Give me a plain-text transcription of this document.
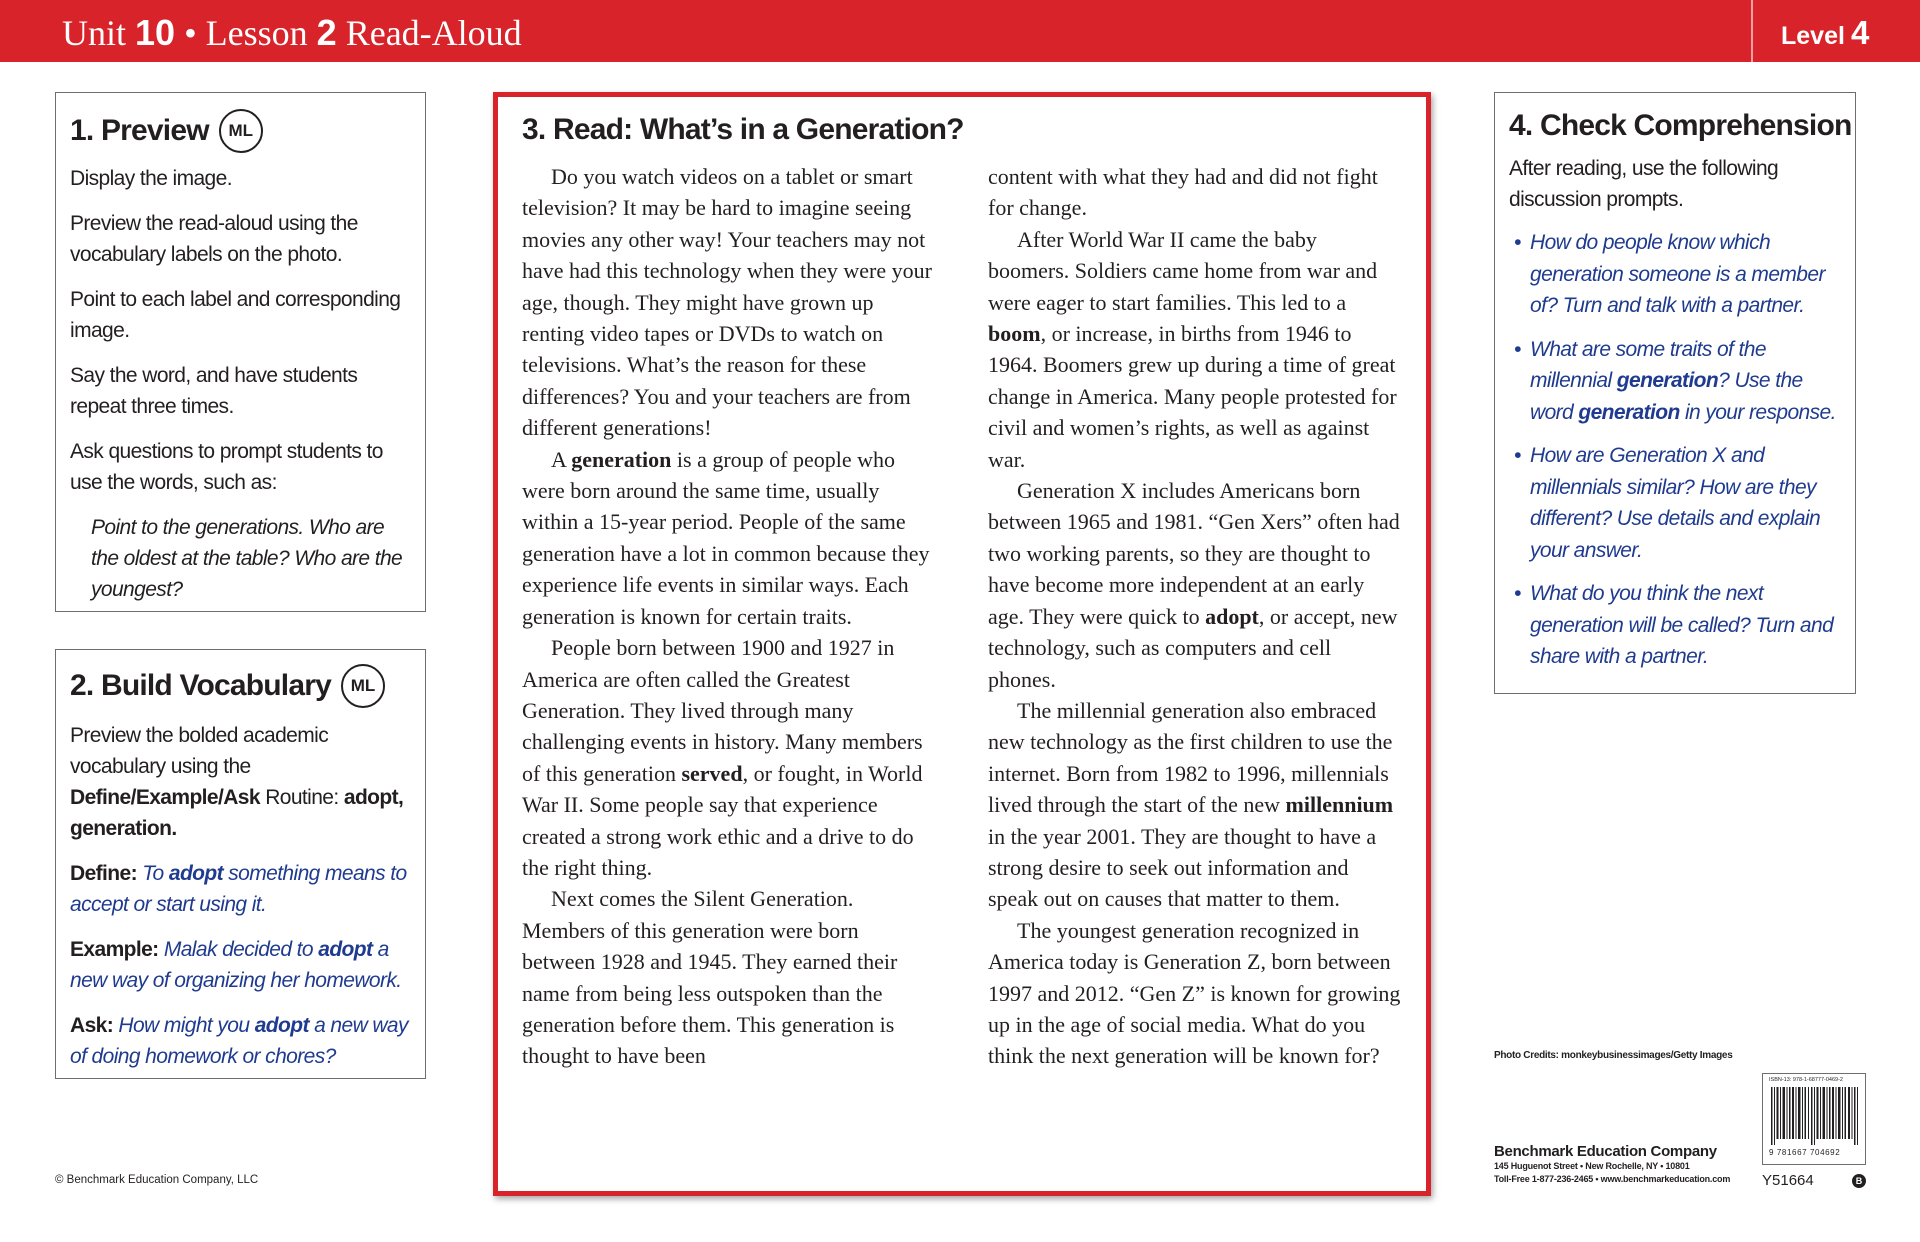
Unit 10 • Lesson 2 Read-Aloud	Level 4
1. Preview	ML

Display the image.

Preview the read-aloud using the vocabulary labels on the photo.

Point to each label and corresponding image.

Say the word, and have students repeat three times.

Ask questions to prompt students to use the words, such as:

Point to the generations. Who are the oldest at the table? Who are the youngest?

2. Build Vocabulary	ML

Preview the bolded academic vocabulary using the Define/Example/Ask Routine: adopt, generation.

Define: To adopt something means to accept or start using it.

Example: Malak decided to adopt a new way of organizing her homework.

Ask: How might you adopt a new way of doing homework or chores?

3. Read: What’s in a Generation?

Do you watch videos on a tablet or smart television? It may be hard to imagine seeing movies any other way! Your teachers may not have had this technology when they were your age, though. They might have grown up renting video tapes or DVDs to watch on televisions. What’s the reason for these differences? You and your teachers are from different generations!

A generation is a group of people who were born around the same time, usually within a 15-year period. People of the same generation have a lot in common because they experience life events in similar ways. Each generation is known for certain traits.

People born between 1900 and 1927 in America are often called the Greatest Generation. They lived through many challenging events in history. Many members of this generation served, or fought, in World War II. Some people say that experience created a strong work ethic and a drive to do the right thing.

Next comes the Silent Generation. Members of this generation were born between 1928 and 1945. They earned their name from being less outspoken than the generation before them. This generation is thought to have been

content with what they had and did not fight for change.

After World War II came the baby boomers. Soldiers came home from war and were eager to start families. This led to a boom, or increase, in births from 1946 to 1964. Boomers grew up during a time of great change in America. Many people protested for civil and women’s rights, as well as against war.

Generation X includes Americans born between 1965 and 1981. “Gen Xers” often had two working parents, so they are thought to have become more independent at an early age. They were quick to adopt, or accept, new technology, such as computers and cell phones.

The millennial generation also embraced new technology as the first children to use the internet. Born from 1982 to 1996, millennials lived through the start of the new millennium in the year 2001. They are thought to have a strong desire to seek out information and speak out on causes that matter to them.

The youngest generation recognized in America today is Generation Z, born between 1997 and 2012. “Gen Z” is known for growing up in the age of social media. What do you think the next generation will be known for?

4. Check Comprehension

After reading, use the following discussion prompts.

• How do people know which generation someone is a member of? Turn and talk with a partner.
• What are some traits of the millennial generation? Use the word generation in your response.
• How are Generation X and millennials similar? How are they different? Use details and explain your answer.
• What do you think the next generation will be called? Turn and share with a partner.
© Benchmark Education Company, LLC
Photo Credits: monkeybusinessimages/Getty Images
Benchmark Education Company
145 Huguenot Street • New Rochelle, NY • 10801
Toll-Free 1-877-236-2465 • www.benchmarkeducation.com
ISBN-13: 978-1-68777-0469-2
9 781667 704692
Y51664	B
